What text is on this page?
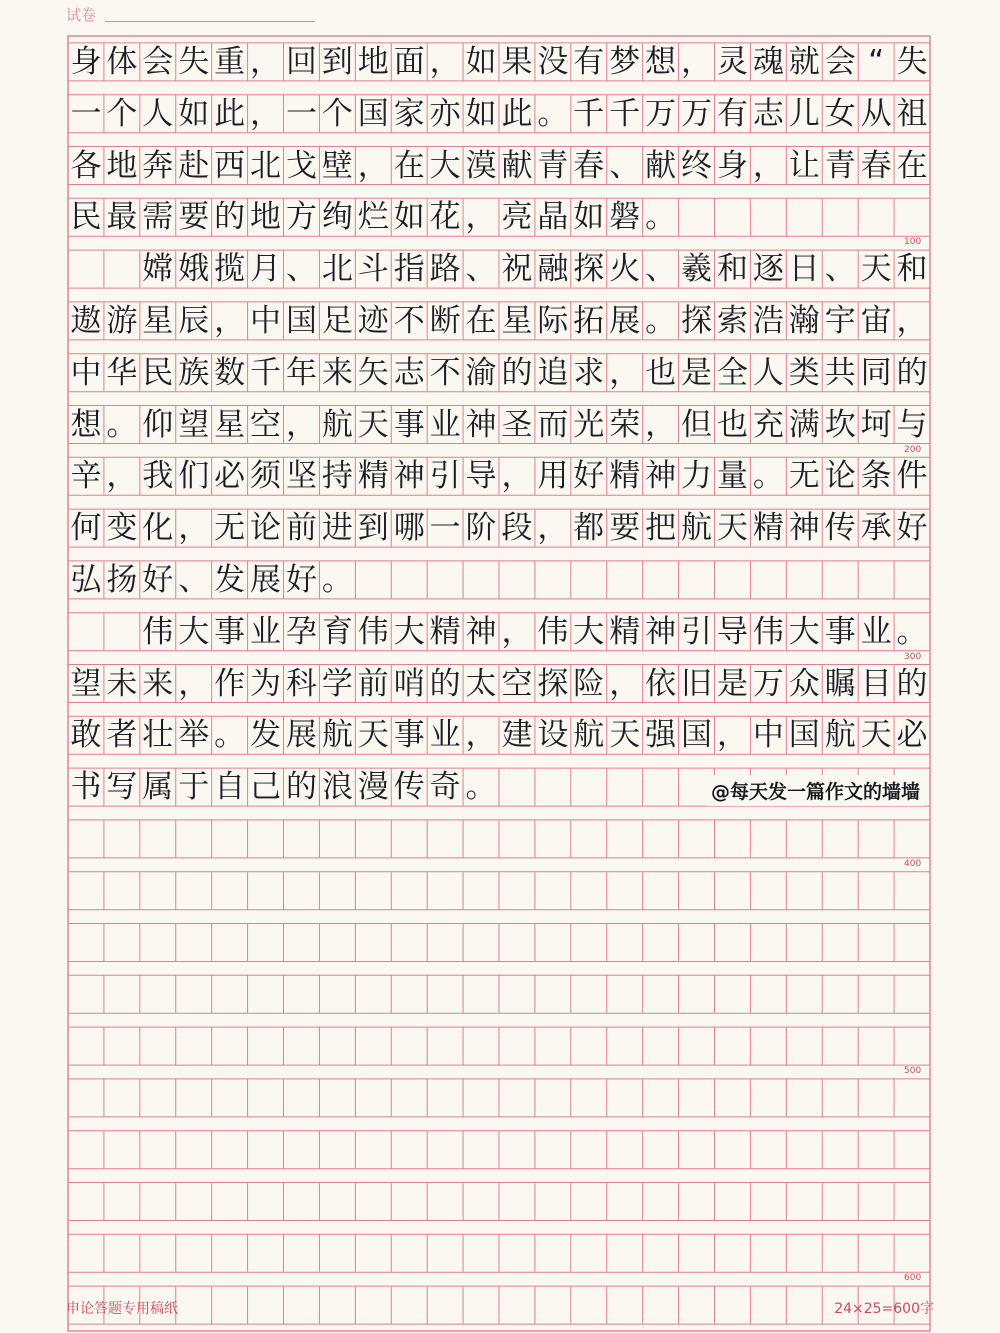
试卷
身 体 会 失 重 ， 回 到 地 面 ， 如 果 没 有 梦 想 ， 灵 魂 就 会 “ 失
一 个 人 如 此 ， 一 个 国 家 亦 如 此 。 千 千 万 万 有 志 儿 女 从 祖
各 地 奔 赴 西 北 戈 壁 ， 在 大 漠 献 青 春 、 献 终 身 ， 让 青 春 在
民 最 需 要 的 地 方 绚 烂 如 花 ， 亮 晶 如 磐 。

嫦 娥 揽 月 、 北 斗 指 路 、 祝 融 探 火 、 羲 和 逐 日 、 天 和
遨 游 星 辰 ， 中 国 足 迹 不 断 在 星 际 拓 展 。 探 索 浩 瀚 宇 宙 ，
中 华 民 族 数 千 年 来 矢 志 不 渝 的 追 求 ， 也 是 全 人 类 共 同 的
想 。 仰 望 星 空 ， 航 天 事 业 神 圣 而 光 荣 ， 但 也 充 满 坎 坷 与
辛 ， 我 们 必 须 坚 持 精 神 引 导 ， 用 好 精 神 力 量 。 无 论 条 件
何 变 化 ， 无 论 前 进 到 哪 一 阶 段 ， 都 要 把 航 天 精 神 传 承 好
弘 扬 好 、 发 展 好 。

伟 大 事 业 孕 育 伟 大 精 神 ， 伟 大 精 神 引 导 伟 大 事 业 。
望 未 来 ， 作 为 科 学 前 哨 的 太 空 探 险 ， 依 旧 是 万 众 瞩 目 的
敢 者 壮 举 。 发 展 航 天 事 业 ， 建 设 航 天 强 国 ， 中 国 航 天 必
书 写 属 于 自 己 的 浪 漫 传 奇 。
100
200
300
400
500
600
@每天发一篇作文的墙墙
申论答题专用稿纸	24×25=600字
